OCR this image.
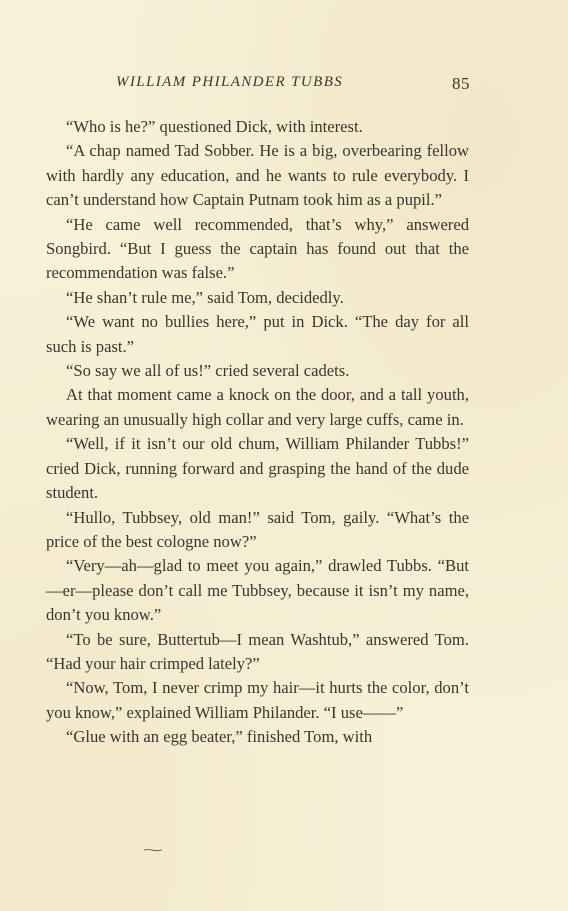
WILLIAM PHILANDER TUBBS	85

“Who is he?” questioned Dick, with interest.

“A chap named Tad Sobber. He is a big, overbearing fellow with hardly any education, and he wants to rule everybody. I can’t understand how Captain Putnam took him as a pupil.”

“He came well recommended, that’s why,” answered Songbird. “But I guess the captain has found out that the recommendation was false.”

“He shan’t rule me,” said Tom, decidedly.

“We want no bullies here,” put in Dick. “The day for all such is past.”

“So say we all of us!” cried several cadets.

At that moment came a knock on the door, and a tall youth, wearing an unusually high collar and very large cuffs, came in.

“Well, if it isn’t our old chum, William Philander Tubbs!” cried Dick, running forward and grasping the hand of the dude student.

“Hullo, Tubbsey, old man!” said Tom, gaily. “What’s the price of the best cologne now?”

“Very—ah—glad to meet you again,” drawled Tubbs. “But—er—please don’t call me Tubbsey, because it isn’t my name, don’t you know.”

“To be sure, Buttertub—I mean Washtub,” answered Tom. “Had your hair crimped lately?”

“Now, Tom, I never crimp my hair—it hurts the color, don’t you know,” explained William Philander. “I use——”

“Glue with an egg beater,” finished Tom, with
